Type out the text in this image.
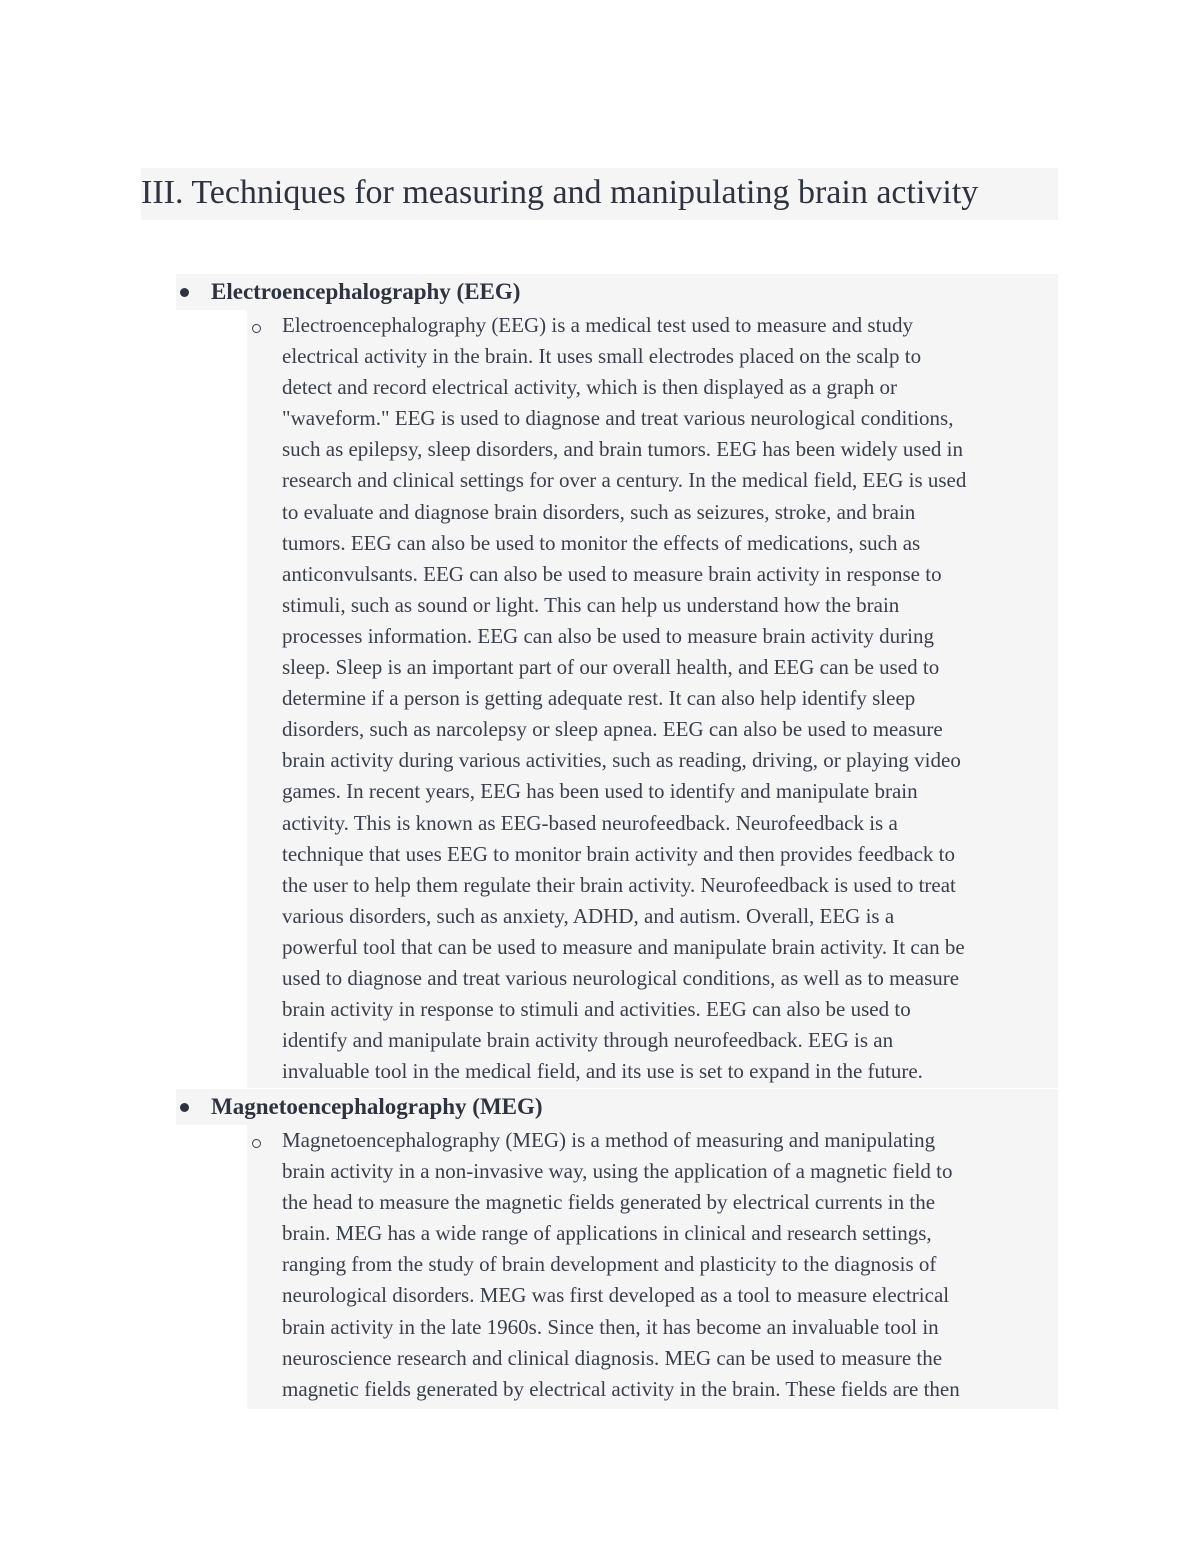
III. Techniques for measuring and manipulating brain activity
Electroencephalography (EEG)

Electroencephalography (EEG) is a medical test used to measure and study
electrical activity in the brain. It uses small electrodes placed on the scalp to
detect and record electrical activity, which is then displayed as a graph or
"waveform." EEG is used to diagnose and treat various neurological conditions,
such as epilepsy, sleep disorders, and brain tumors. EEG has been widely used in
research and clinical settings for over a century. In the medical field, EEG is used
to evaluate and diagnose brain disorders, such as seizures, stroke, and brain
tumors. EEG can also be used to monitor the effects of medications, such as
anticonvulsants. EEG can also be used to measure brain activity in response to
stimuli, such as sound or light. This can help us understand how the brain
processes information. EEG can also be used to measure brain activity during
sleep. Sleep is an important part of our overall health, and EEG can be used to
determine if a person is getting adequate rest. It can also help identify sleep
disorders, such as narcolepsy or sleep apnea. EEG can also be used to measure
brain activity during various activities, such as reading, driving, or playing video
games. In recent years, EEG has been used to identify and manipulate brain
activity. This is known as EEG-based neurofeedback. Neurofeedback is a
technique that uses EEG to monitor brain activity and then provides feedback to
the user to help them regulate their brain activity. Neurofeedback is used to treat
various disorders, such as anxiety, ADHD, and autism. Overall, EEG is a
powerful tool that can be used to measure and manipulate brain activity. It can be
used to diagnose and treat various neurological conditions, as well as to measure
brain activity in response to stimuli and activities. EEG can also be used to
identify and manipulate brain activity through neurofeedback. EEG is an
invaluable tool in the medical field, and its use is set to expand in the future.

Magnetoencephalography (MEG)

Magnetoencephalography (MEG) is a method of measuring and manipulating
brain activity in a non-invasive way, using the application of a magnetic field to
the head to measure the magnetic fields generated by electrical currents in the
brain. MEG has a wide range of applications in clinical and research settings,
ranging from the study of brain development and plasticity to the diagnosis of
neurological disorders. MEG was first developed as a tool to measure electrical
brain activity in the late 1960s. Since then, it has become an invaluable tool in
neuroscience research and clinical diagnosis. MEG can be used to measure the
magnetic fields generated by electrical activity in the brain. These fields are then
